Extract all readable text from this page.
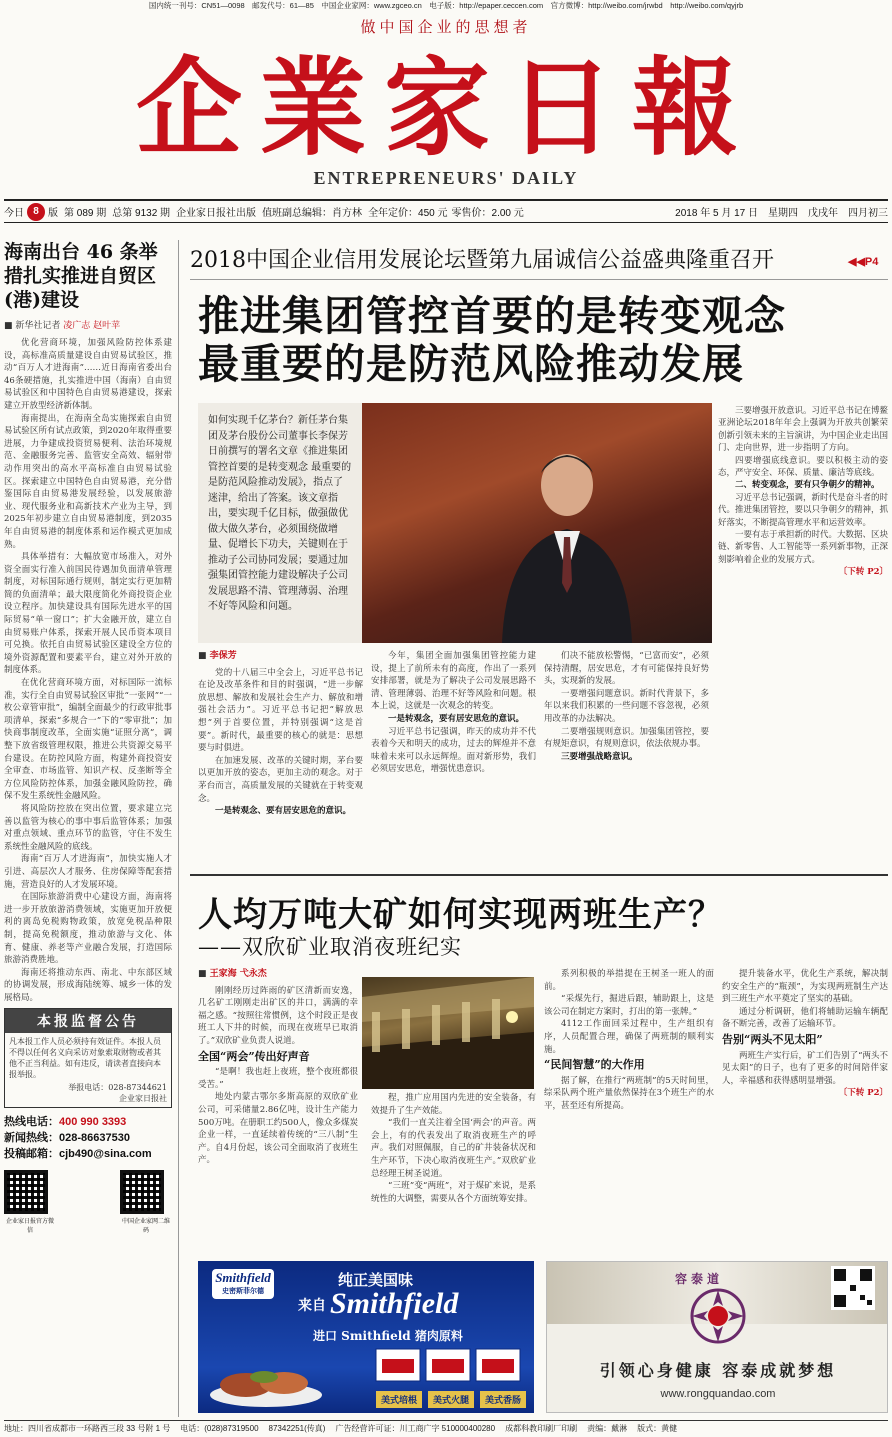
国内统一刊号：CN51—0098　邮发代号：61—85　中国企业家网：www.zgceo.cn　电子版：http://epaper.ceccen.com　官方微博：http://weibo.com/jrwbd　http://weibo.com/qyjrb
做中国企业的思想者
企業家日報
ENTREPRENEURS' DAILY
今日 8 版 第 089 期 总第 9132 期 企业家日报社出版 值班副总编辑：肖方林 全年定价：450 元 零售价：2.00 元	2018 年 5 月 17 日　星期四　戊戌年　四月初三
海南出台 46 条举措扎实推进自贸区(港)建设
■ 新华社记者 凌广志 赵叶苹

优化营商环境，加强风险防控体系建设，高标准高质量建设自由贸易试验区，推动“百万人才进海南”……近日海南省委出台46条硬措施，扎实推进中国（海南）自由贸易试验区和中国特色自由贸易港建设，探索建立开放型经济新体制。

海南提出，在海南全岛实施探索自由贸易试验区所有试点政策，到2020年取得重要进展，力争建成投资贸易便利、法治环境规范、金融服务完善、监管安全高效、辐射带动作用突出的高水平高标准自由贸易试验区。探索建立中国特色自由贸易港，充分借鉴国际自由贸易港发展经验，以发展旅游业、现代服务业和高新技术产业为主导，到2025年初步建立自由贸易港制度，到2035年自由贸易港的制度体系和运作模式更加成熟。

具体举措有：大幅放宽市场准入，对外资全面实行准入前国民待遇加负面清单管理制度，对标国际通行规则，制定实行更加精简的负面清单；最大限度简化外商投资企业设立程序。加快建设具有国际先进水平的国际贸易“单一窗口”；扩大金融开放，建立自由贸易账户体系，探索开展人民币资本项目可兑换。依托自由贸易试验区建设全方位的境外资源配置和要素平台，建立对外开放的制度体系。

在优化营商环境方面，对标国际一流标准，实行全自由贸易试验区审批“一张网”“一枚公章管审批”，编制全面最少的行政审批事项清单，探索“多规合一”下的“零审批”；加快商事制度改革，全面实施“证照分离”，调整下放省级管理权限，推进公共资源交易平台建设。在防控风险方面，构建外商投资安全审查、市场监管、知识产权、反垄断等全方位风险防控体系，加强金融风险防控，确保不发生系统性金融风险。

将风险防控放在突出位置，要求建立完善以监管为核心的事中事后监管体系；加强对重点领域、重点环节的监管，守住不发生系统性金融风险的底线。

海南“百万人才进海南”，加快实施人才引进、高层次人才服务、住房保障等配套措施，营造良好的人才发展环境。

在国际旅游消费中心建设方面，海南将进一步开放旅游消费领域，实施更加开放便利的离岛免税购物政策，放宽免税品种限制，提高免税额度，推动旅游与文化、体育、健康、养老等产业融合发展，打造国际旅游消费胜地。

海南还将推动东西、南北、中东部区域的协调发展，形成海陆统筹、城乡一体的发展格局。

本报监督公告
凡本报工作人员必须持有效证件。本报人员不得以任何名义向采访对象索取财物或者其他不正当利益。如有违反，请读者直接向本报举报。
举报电话：028-87344621
企业家日报社
热线电话：400 990 3393
新闻热线：028-86637530
投稿邮箱：cjb490@sina.com
企业家日报官方微信
中国企业家网二维码
2018中国企业信用发展论坛暨第九届诚信公益盛典隆重召开	◀◀P4
推进集团管控首要的是转变观念
最重要的是防范风险推动发展
如何实现千亿茅台？新任茅台集团及茅台股份公司董事长李保芳日前撰写的署名文章《推进集团管控首要的是转变观念 最重要的是防范风险推动发展》，指点了迷津，给出了答案。该文章指出，要实现千亿目标，做强做优做大做久茅台，必须围绕做增量、促增长下功夫，关键则在于推动子公司协同发展；要通过加强集团管控能力建设解决子公司发展思路不清、管理薄弱、治理不好等风险和问题。

三要增强开放意识。习近平总书记在博鳌亚洲论坛2018年年会上强调为开放共创繁荣创新引领未来的主旨演讲，为中国企业走出国门、走向世界，进一步指明了方向。

四要增强底线意识。要以积极主动的姿态，严守安全、环保、质量、廉洁等底线。

二、转变观念，要有只争朝夕的精神。

习近平总书记强调，新时代是奋斗者的时代。推进集团管控，要以只争朝夕的精神，抓好落实，不断提高管理水平和运营效率。

一要有志于承担新的时代。大数据、区块链、新零售、人工智能等一系列新事物，正深刻影响着企业的发展方式。

〔下转 P2〕
■ 李保芳

党的十八届三中全会上，习近平总书记在论及改革条件和目的时强调，“进一步解放思想、解放和发展社会生产力、解放和增强社会活力”。习近平总书记把“解放思想”列于首要位置，并特别强调“这是首要”。新时代，最重要的核心的就是：思想要与时俱进。

在加速发展、改革的关键时期，茅台要以更加开放的姿态，更加主动的观念。对于茅台而言，高质量发展的关键就在于转变观念。

一是转观念、要有居安思危的意识。

今年，集团全面加强集团管控能力建设，提上了前所未有的高度，作出了一系列安排部署，就是为了解决子公司发展思路不清、管理薄弱、治理不好等风险和问题。根本上说，这就是一次观念的转变。

一是转观念，要有居安思危的意识。

习近平总书记强调，昨天的成功并不代表着今天和明天的成功，过去的辉煌并不意味着未来可以永远辉煌。面对新形势，我们必须居安思危，增强忧患意识。

们决不能放松警惕，“已富而安”，必须保持清醒，居安思危，才有可能保持良好势头，实现新的发展。

一要增强问题意识。新时代背景下，多年以来我们积累的一些问题不容忽视，必须用改革的办法解决。

二要增强规则意识。加强集团管控，要有规矩意识，有规则意识，依法依规办事。

三要增强战略意识。

人均万吨大矿如何实现两班生产？
——双欣矿业取消夜班纪实
■ 王家海 弋永杰

刚刚经历过阵雨的矿区清新而安逸，几名矿工刚刚走出矿区的井口，满满的幸福之感。“按照往常惯例，这个时段正是夜班工人下井的时候，而现在夜班早已取消了。”双欣矿业负责人说道。

全国“两会”传出好声音

“是啊！我也赶上夜班，整个夜班都很受苦。”

地处内蒙古鄂尔多斯高原的双欣矿业公司，可采储量2.86亿吨，设计生产能力500万吨。在册职工约500人，像众多煤炭企业一样，一直延续着传统的“三八制”生产。自4月份起，该公司全面取消了夜班生产。

程，推广应用国内先进的安全装备，有效提升了生产效能。

“我们一直关注着全国‘两会’的声音。两会上，有的代表发出了取消夜班生产的呼声。我们对照佩服，自己的矿井装备状况和生产环节，下决心取消夜班生产。”双欣矿业总经理王树圣说道。

“三班”变“两班”，对于煤矿来说，是系统性的大调整，需要从各个方面统筹安排。

系列积极的举措提在王树圣一班人的面前。

“采煤先行，掘进后跟，辅助跟上，这是该公司在制定方案时，打出的第一张牌。”

4112工作面回采过程中，生产组织有序，人员配置合理，确保了两班制的顺利实施。

“民间智慧”的大作用

据了解，在推行“两班制”的5天时间里，综采队两个班产量依然保持在3个班生产的水平，甚至还有所提高。

提升装备水平，优化生产系统，解决制约安全生产的“瓶颈”，为实现两班制生产达到三班生产水平奠定了坚实的基础。

通过分析调研，他们将辅助运输车辆配备不断完善，改善了运输环节。

告别“两头不见太阳”

两班生产实行后，矿工们告别了“两头不见太阳”的日子，也有了更多的时间陪伴家人，幸福感和获得感明显增强。

〔下转 P2〕
Smithfield
史密斯菲尔德
纯正美国味
来自 Smithfield
进口 Smithfield 猪肉原料
美式培根	美式火腿	美式香肠
容泰道
引领心身健康 容泰成就梦想
www.rongquandao.com
地址：四川省成都市一环路西三段 33 号附 1 号 电话：(028)87319500 87342251(传真) 广告经营许可证：川工商广字 510000400280 成都科教印刷厂印刷 责编：戴淋 版式：黄健
